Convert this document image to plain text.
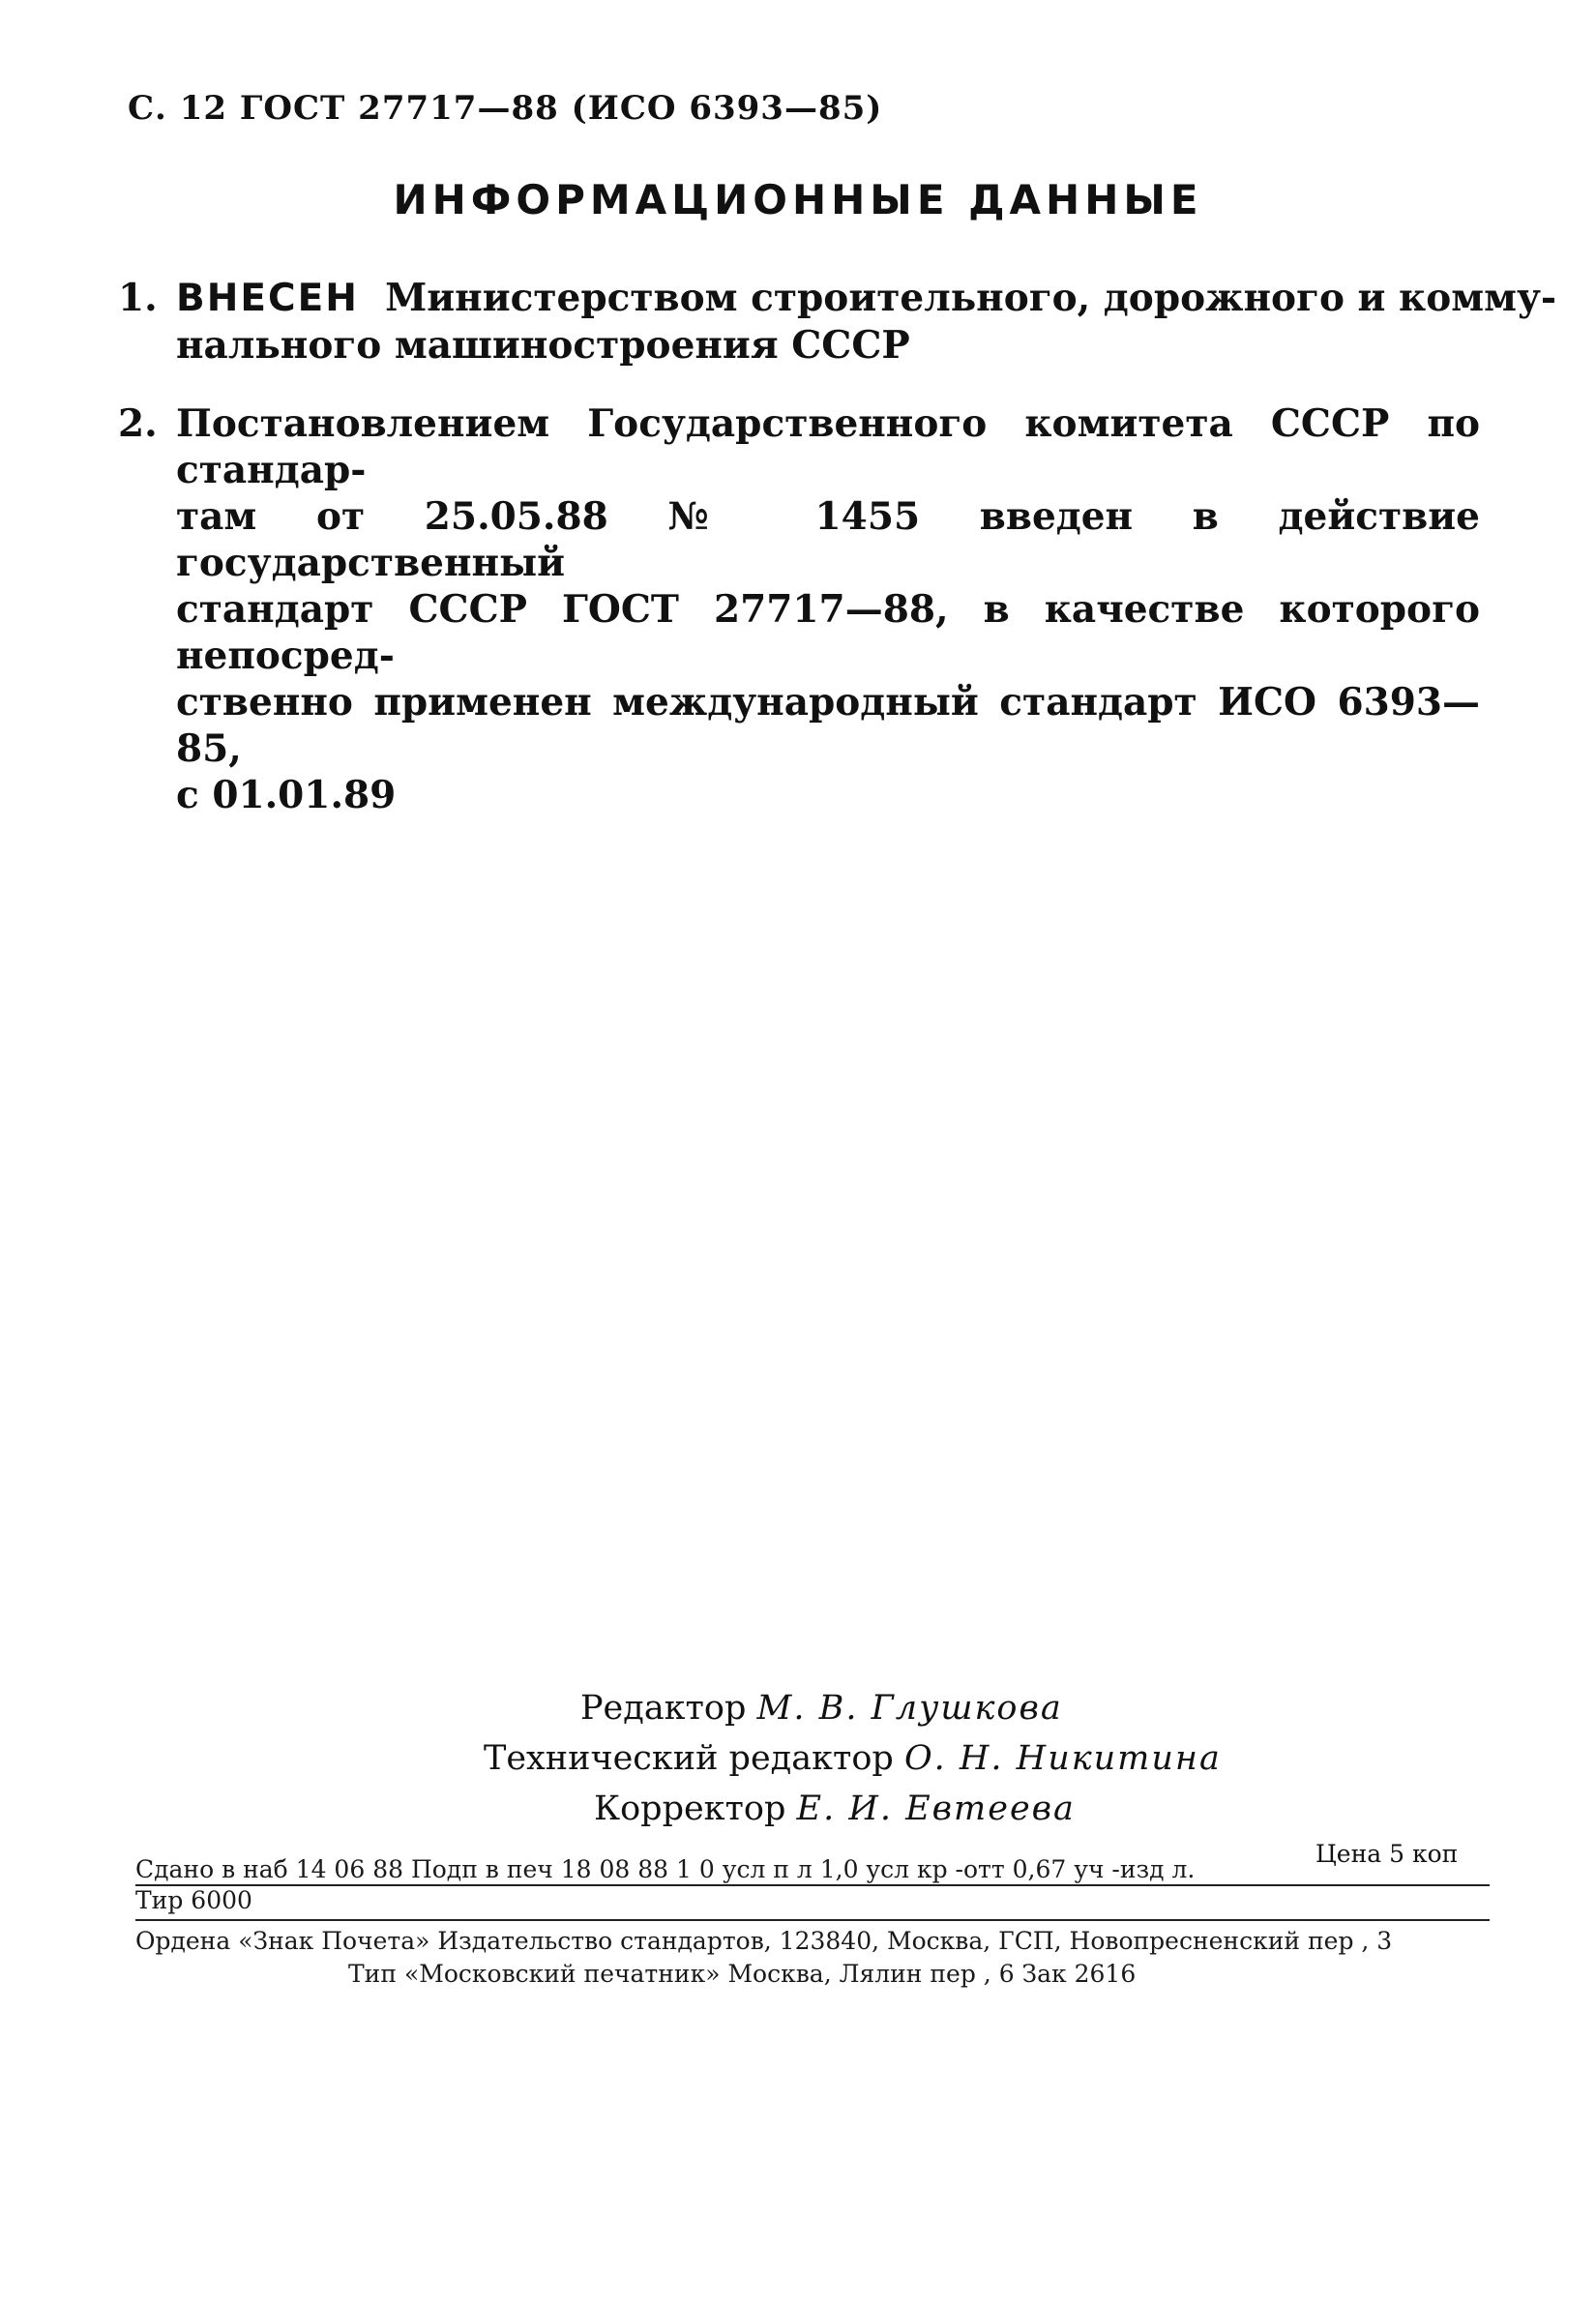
С. 12 ГОСТ 27717—88 (ИСО 6393—85)
ИНФОРМАЦИОННЫЕ ДАННЫЕ
1. ВНЕСЕН Министерством строительного, дорожного и комму-
нального машиностроения СССР
2. Постановлением Государственного комитета СССР по стандар-
там от 25.05.88 № 1455 введен в действие государственный
стандарт СССР ГОСТ 27717—88, в качестве которого непосред-
ственно применен международный стандарт ИСО 6393—85,
с 01.01.89
Редактор М. В. Глушкова
Технический редактор О. Н. Никитина
Корректор Е. И. Евтеева
Цена 5 коп
Сдано в наб 14 06 88 Подп в печ 18 08 88 1 0 усл п л 1,0 усл кр -отт 0,67 уч -изд л.
Тир 6000
Ордена «Знак Почета» Издательство стандартов, 123840, Москва, ГСП, Новопресненский пер , 3
Тип «Московский печатник» Москва, Лялин пер , 6 Зак 2616
